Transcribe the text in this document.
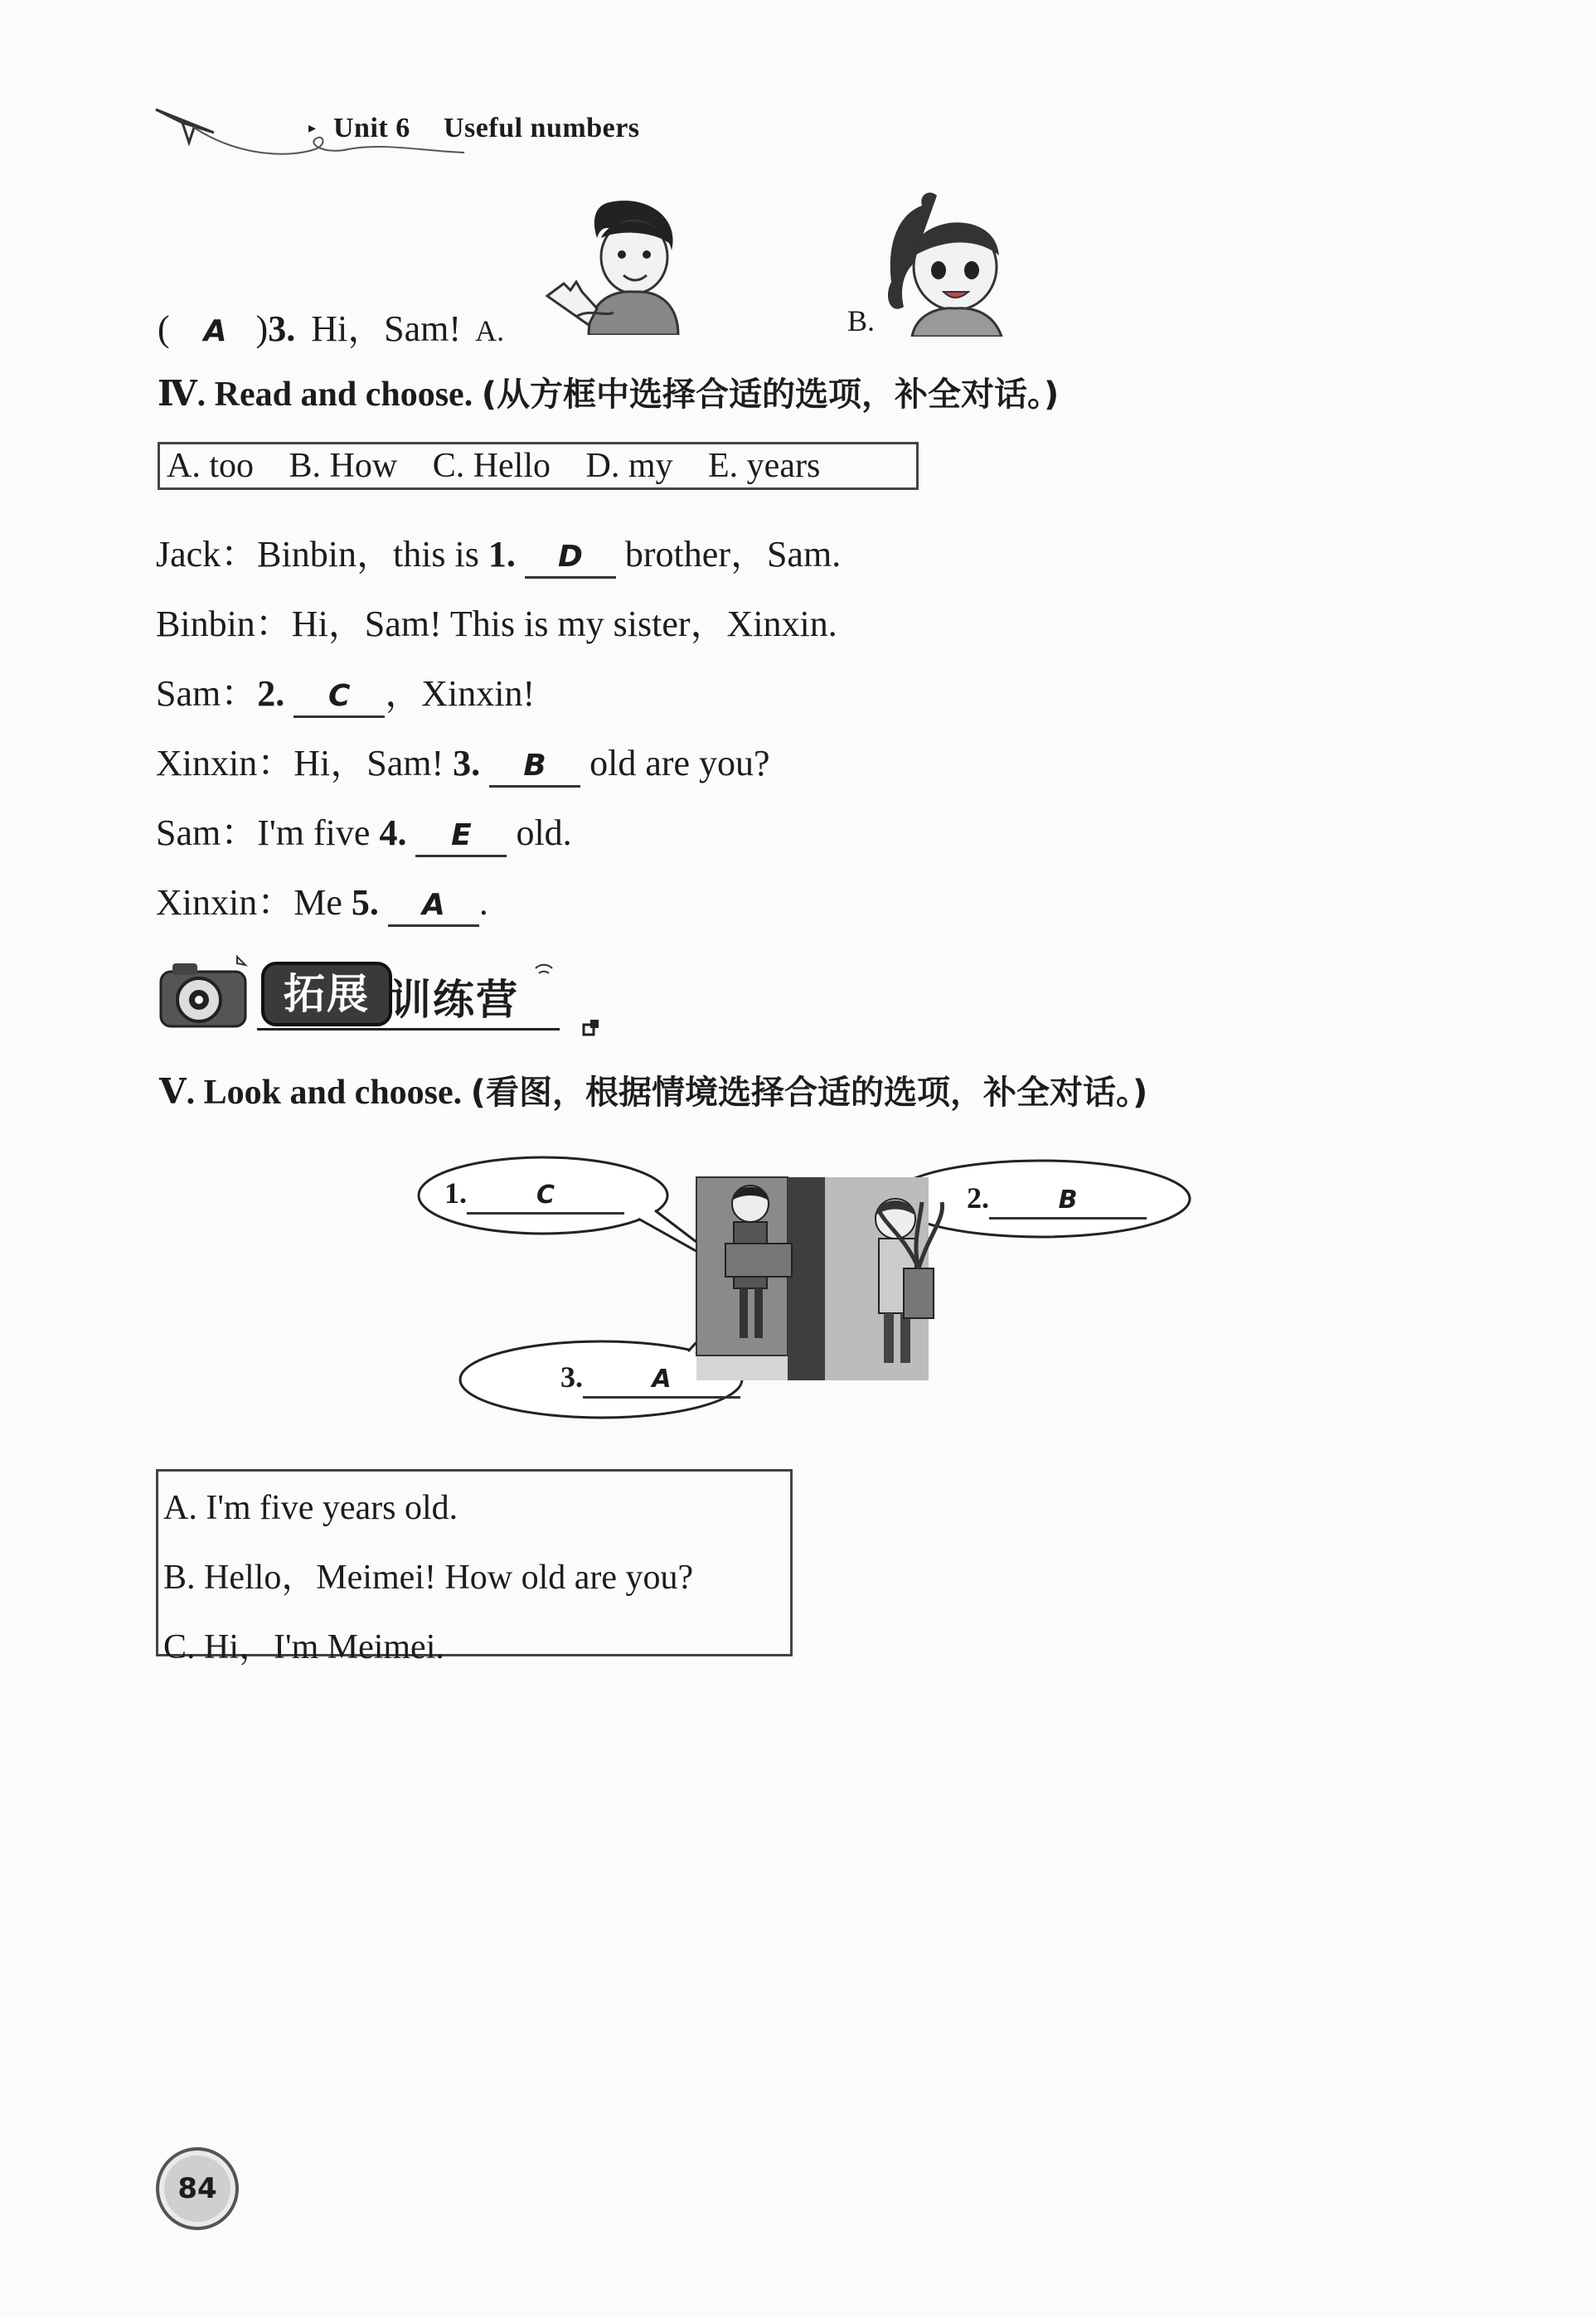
▸ Unit 6 Useful numbers
( A )3. Hi，Sam! A.	B.
Ⅳ. Read and choose. (从方框中选择合适的选项，补全对话。)
A. too B. How C. Hello D. my E. years
Jack：Binbin，this is 1. D brother，Sam.
Binbin：Hi，Sam! This is my sister，Xinxin.
Sam：2. C ，Xinxin!
Xinxin：Hi，Sam! 3. B old are you?
Sam：I'm five 4. E old.
Xinxin：Me 5. A .
拓展 训练营
Ⅴ. Look and choose. (看图，根据情境选择合适的选项，补全对话。)
1.	C	2.	B
3.	A
A. I'm five years old.
B. Hello，Meimei! How old are you?
C. Hi，I'm Meimei.
84
